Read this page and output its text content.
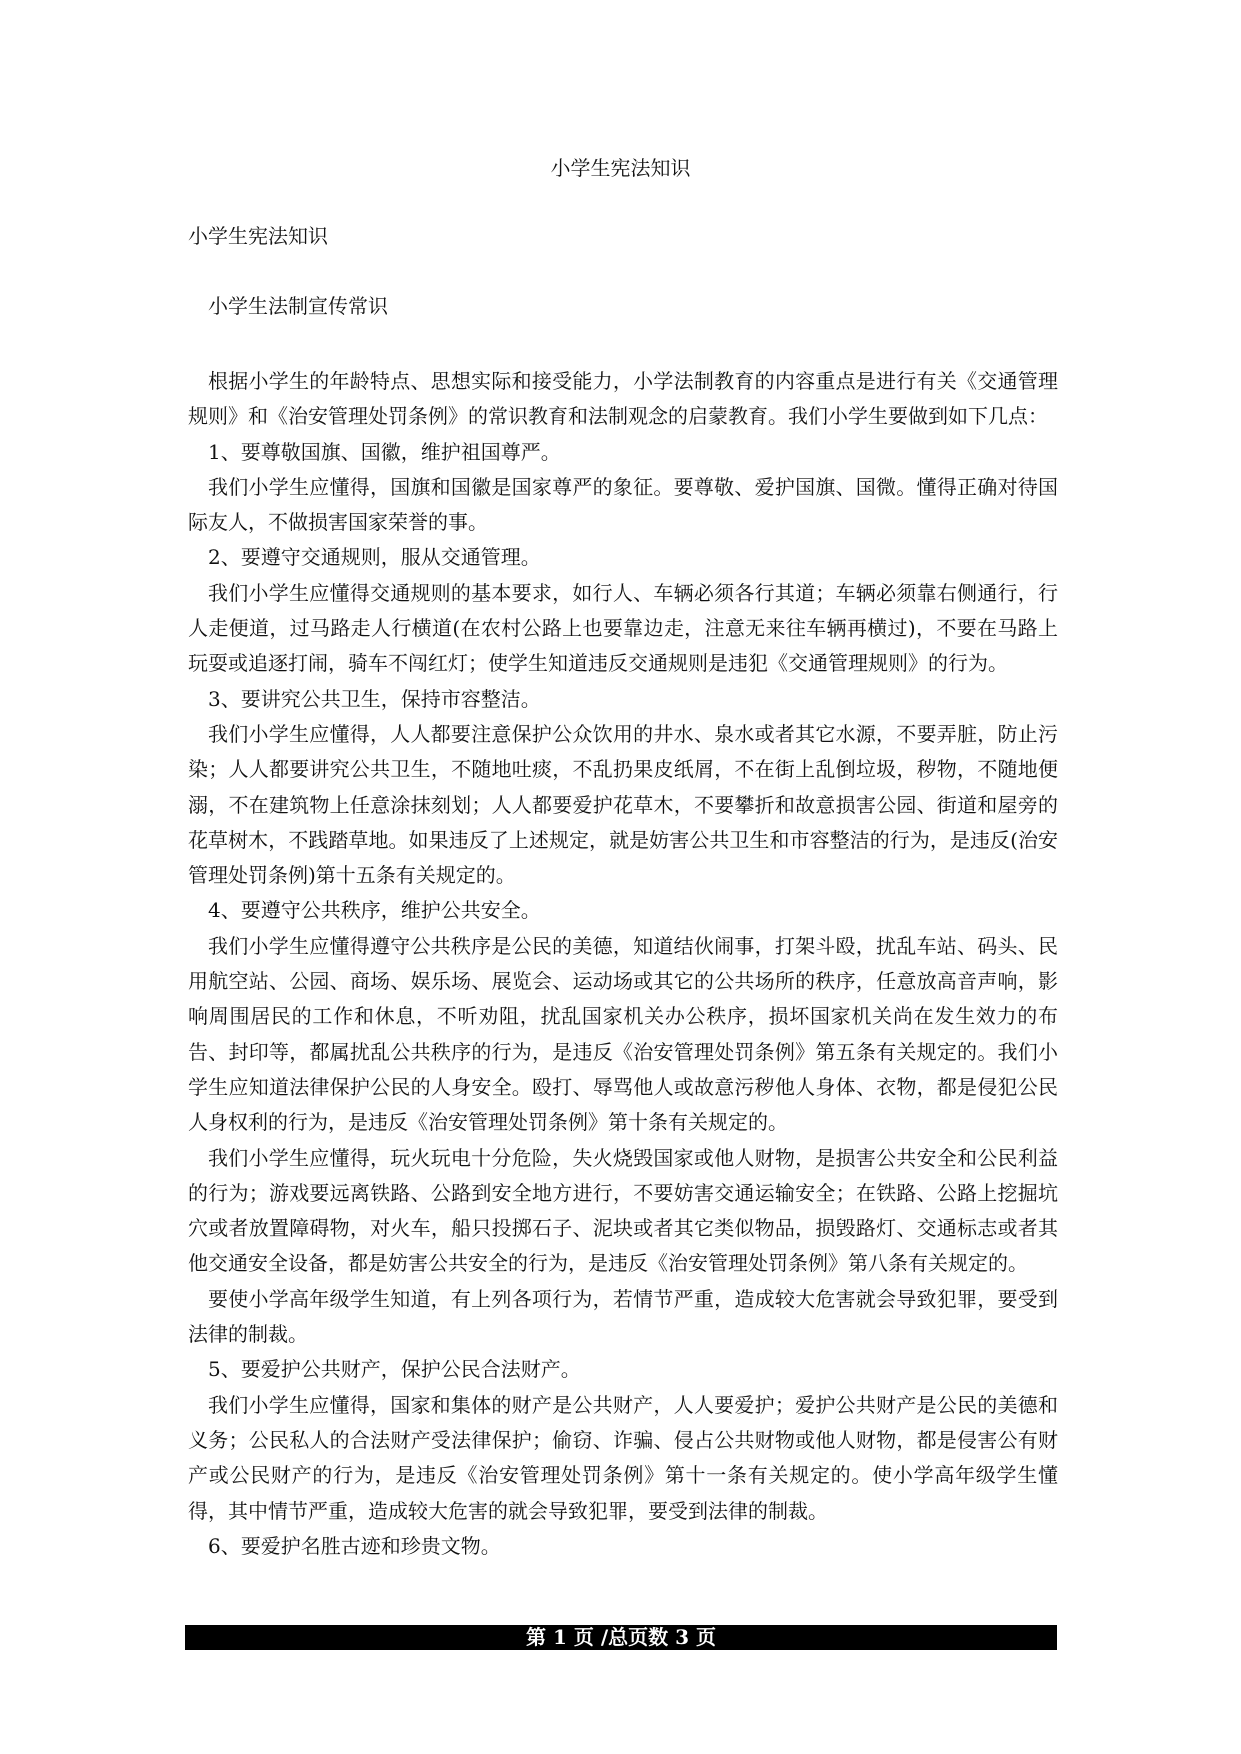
小学生宪法知识
小学生宪法知识
小学生法制宣传常识

根据小学生的年龄特点、思想实际和接受能力，小学法制教育的内容重点是进行有关《交通管理规则》和《治安管理处罚条例》的常识教育和法制观念的启蒙教育。我们小学生要做到如下几点：

1、要尊敬国旗、国徽，维护祖国尊严。

我们小学生应懂得，国旗和国徽是国家尊严的象征。要尊敬、爱护国旗、国微。懂得正确对待国际友人，不做损害国家荣誉的事。

2、要遵守交通规则，服从交通管理。

我们小学生应懂得交通规则的基本要求，如行人、车辆必须各行其道；车辆必须靠右侧通行，行人走便道，过马路走人行横道(在农村公路上也要靠边走，注意无来往车辆再横过)，不要在马路上玩耍或追逐打闹，骑车不闯红灯；使学生知道违反交通规则是违犯《交通管理规则》的行为。

3、要讲究公共卫生，保持市容整洁。

我们小学生应懂得，人人都要注意保护公众饮用的井水、泉水或者其它水源，不要弄脏，防止污染；人人都要讲究公共卫生，不随地吐痰，不乱扔果皮纸屑，不在街上乱倒垃圾，秽物，不随地便溺，不在建筑物上任意涂抹刻划；人人都要爱护花草木，不要攀折和故意损害公园、街道和屋旁的花草树木，不践踏草地。如果违反了上述规定，就是妨害公共卫生和市容整洁的行为，是违反(治安管理处罚条例)第十五条有关规定的。

4、要遵守公共秩序，维护公共安全。

我们小学生应懂得遵守公共秩序是公民的美德，知道结伙闹事，打架斗殴，扰乱车站、码头、民用航空站、公园、商场、娱乐场、展览会、运动场或其它的公共场所的秩序，任意放高音声响，影响周围居民的工作和休息，不听劝阻，扰乱国家机关办公秩序，损坏国家机关尚在发生效力的布告、封印等，都属扰乱公共秩序的行为，是违反《治安管理处罚条例》第五条有关规定的。我们小学生应知道法律保护公民的人身安全。殴打、辱骂他人或故意污秽他人身体、衣物，都是侵犯公民人身权利的行为，是违反《治安管理处罚条例》第十条有关规定的。

我们小学生应懂得，玩火玩电十分危险，失火烧毁国家或他人财物，是损害公共安全和公民利益的行为；游戏要远离铁路、公路到安全地方进行，不要妨害交通运输安全；在铁路、公路上挖掘坑穴或者放置障碍物，对火车，船只投掷石子、泥块或者其它类似物品，损毁路灯、交通标志或者其他交通安全设备，都是妨害公共安全的行为，是违反《治安管理处罚条例》第八条有关规定的。

要使小学高年级学生知道，有上列各项行为，若情节严重，造成较大危害就会导致犯罪，要受到法律的制裁。

5、要爱护公共财产，保护公民合法财产。

我们小学生应懂得，国家和集体的财产是公共财产，人人要爱护；爱护公共财产是公民的美德和义务；公民私人的合法财产受法律保护；偷窃、诈骗、侵占公共财物或他人财物，都是侵害公有财产或公民财产的行为，是违反《治安管理处罚条例》第十一条有关规定的。使小学高年级学生懂得，其中情节严重，造成较大危害的就会导致犯罪，要受到法律的制裁。

6、要爱护名胜古迹和珍贵文物。

第 1 页 /总页数 3 页
